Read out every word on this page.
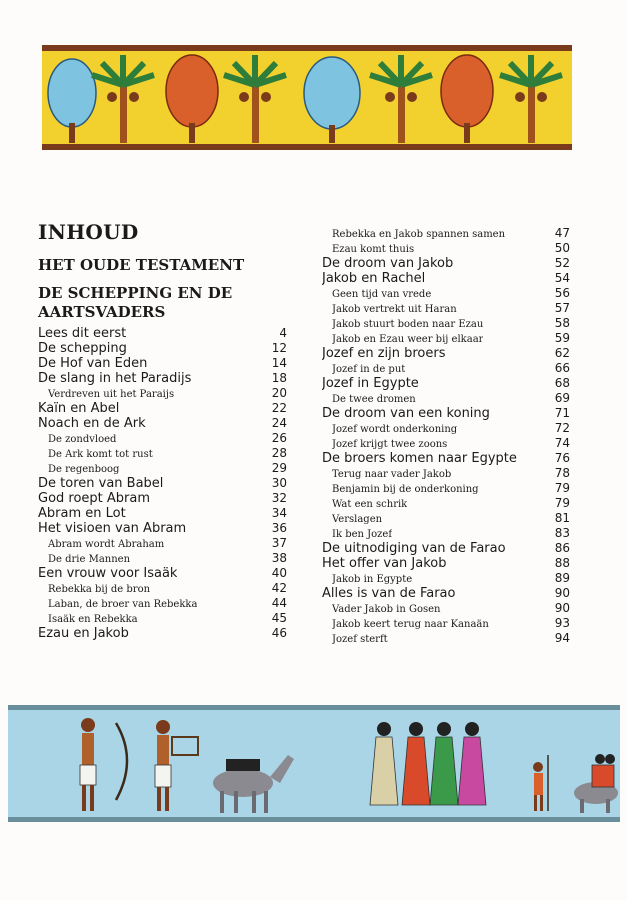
INHOUD
HET OUDE TESTAMENT
DE SCHEPPING EN DE AARTSVADERS
Lees dit eerst	4
De schepping	12
De Hof van Eden	14
De slang in het Paradijs	18
Verdreven uit het Paraijs	20
Kaïn en Abel	22
Noach en de Ark	24
De zondvloed	26
De Ark komt tot rust	28
De regenboog	29
De toren van Babel	30
God roept Abram	32
Abram en Lot	34
Het visioen van Abram	36
Abram wordt Abraham	37
De drie Mannen	38
Een vrouw voor Isaäk	40
Rebekka bij de bron	42
Laban, de broer van Rebekka	44
Isaäk en Rebekka	45
Ezau en Jakob	46
Rebekka en Jakob spannen samen	47
Ezau komt thuis	50
De droom van Jakob	52
Jakob en Rachel	54
Geen tijd van vrede	56
Jakob vertrekt uit Haran	57
Jakob stuurt boden naar Ezau	58
Jakob en Ezau weer bij elkaar	59
Jozef en zijn broers	62
Jozef in de put	66
Jozef in Egypte	68
De twee dromen	69
De droom van een koning	71
Jozef wordt onderkoning	72
Jozef krijgt twee zoons	74
De broers komen naar Egypte	76
Terug naar vader Jakob	78
Benjamin bij de onderkoning	79
Wat een schrik	79
Verslagen	81
Ik ben Jozef	83
De uitnodiging van de Farao	86
Het offer van Jakob	88
Jakob in Egypte	89
Alles is van de Farao	90
Vader Jakob in Gosen	90
Jakob keert terug naar Kanaän	93
Jozef sterft	94
